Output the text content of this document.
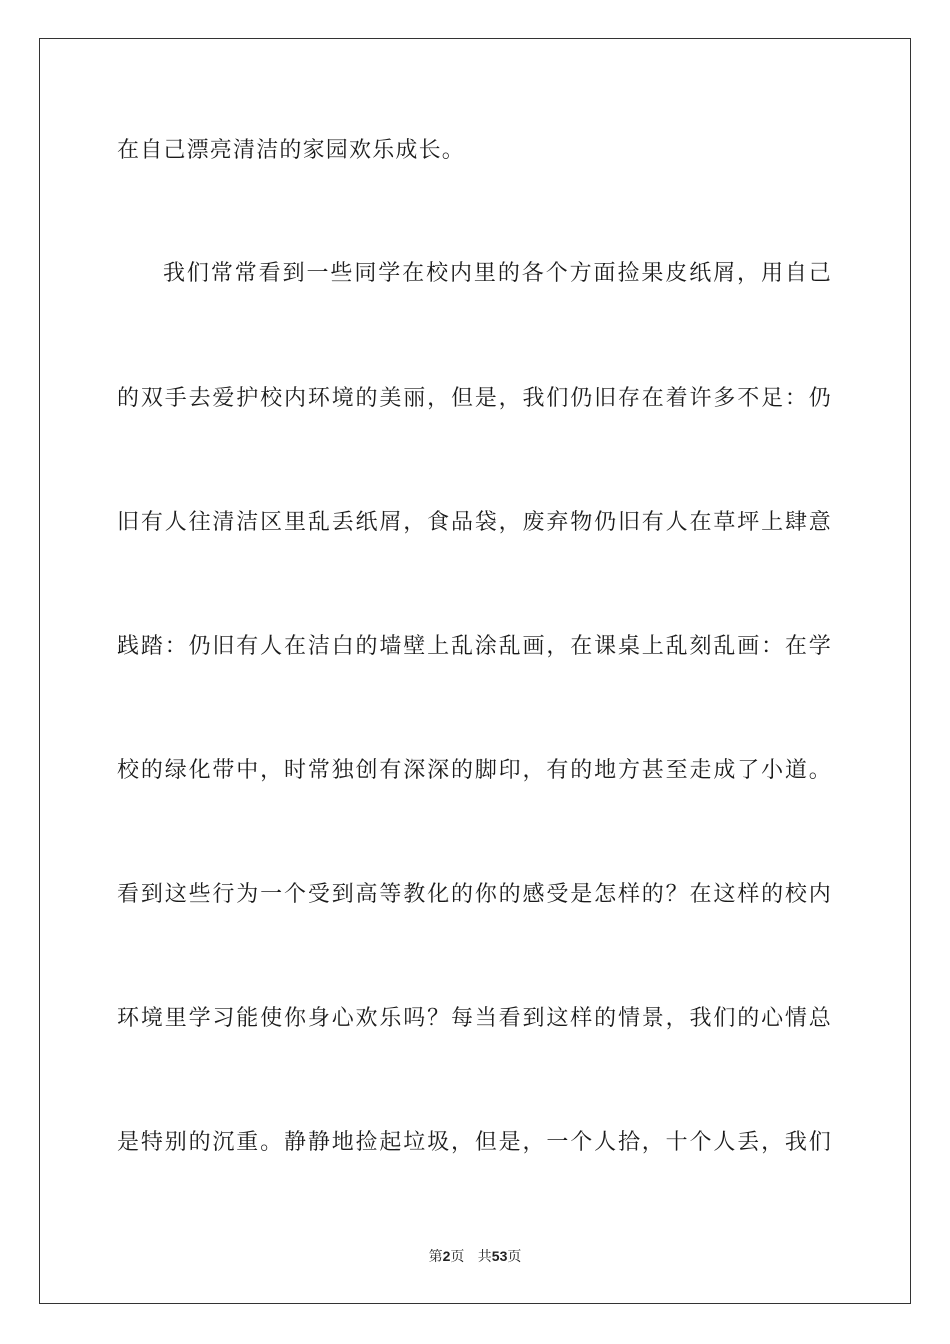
在自己漂亮清洁的家园欢乐成长。
我们常常看到一些同学在校内里的各个方面捡果皮纸屑，用自己
的双手去爱护校内环境的美丽，但是，我们仍旧存在着许多不足：仍
旧有人往清洁区里乱丢纸屑，食品袋，废弃物仍旧有人在草坪上肆意
践踏：仍旧有人在洁白的墙壁上乱涂乱画，在课桌上乱刻乱画：在学
校的绿化带中，时常独创有深深的脚印，有的地方甚至走成了小道。
看到这些行为一个受到高等教化的你的感受是怎样的？在这样的校内
环境里学习能使你身心欢乐吗？每当看到这样的情景，我们的心情总
是特别的沉重。静静地捡起垃圾，但是，一个人拾，十个人丢，我们
第2页 共53页
